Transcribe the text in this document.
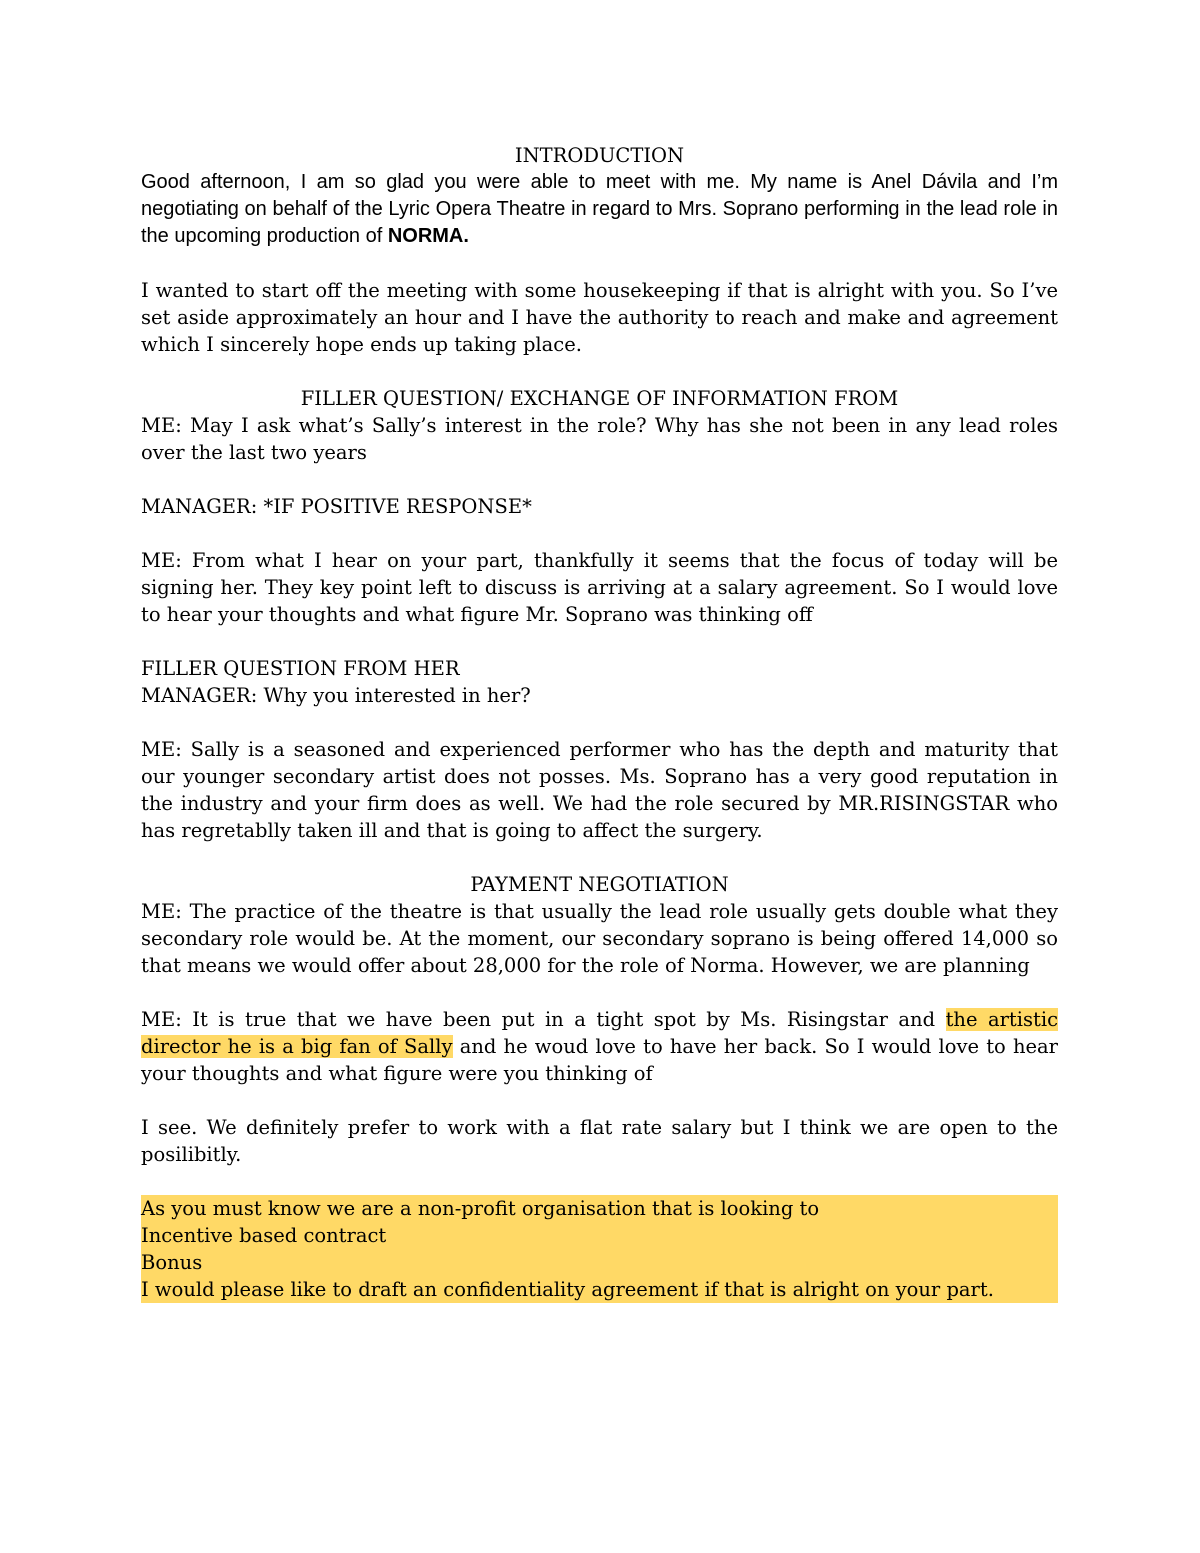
INTRODUCTION

Good afternoon, I am so glad you were able to meet with me. My name is Anel Dávila and I’m negotiating on behalf of the Lyric Opera Theatre in regard to Mrs. Soprano performing in the lead role in the upcoming production of NORMA.

I wanted to start off the meeting with some housekeeping if that is alright with you. So I’ve set aside approximately an hour and I have the authority to reach and make and agreement which I sincerely hope ends up taking place.

FILLER QUESTION/ EXCHANGE OF INFORMATION FROM

ME: May I ask what’s Sally’s interest in the role? Why has she not been in any lead roles over the last two years

MANAGER: *IF POSITIVE RESPONSE*

ME: From what I hear on your part, thankfully it seems that the focus of today will be signing her. They key point left to discuss is arriving at a salary agreement. So I would love to hear your thoughts and what figure Mr. Soprano was thinking off

FILLER QUESTION FROM HER

MANAGER: Why you interested in her?

ME: Sally is a seasoned and experienced performer who has the depth and maturity that our younger secondary artist does not posses. Ms. Soprano has a very good reputation in the industry and your firm does as well. We had the role secured by MR.RISINGSTAR who has regretablly taken ill and that is going to affect the surgery.

PAYMENT NEGOTIATION

ME: The practice of the theatre is that usually the lead role usually gets double what they secondary role would be. At the moment, our secondary soprano is being offered 14,000 so that means we would offer about 28,000 for the role of Norma. However, we are planning

ME: It is true that we have been put in a tight spot by Ms. Risingstar and the artistic director he is a big fan of Sally and he woud love to have her back. So I would love to hear your thoughts and what figure were you thinking of

I see. We definitely prefer to work with a flat rate salary but I think we are open to the posilibitly.

As you must know we are a non-profit organisation that is looking to
Incentive based contract
Bonus
I would please like to draft an confidentiality agreement if that is alright on your part.
